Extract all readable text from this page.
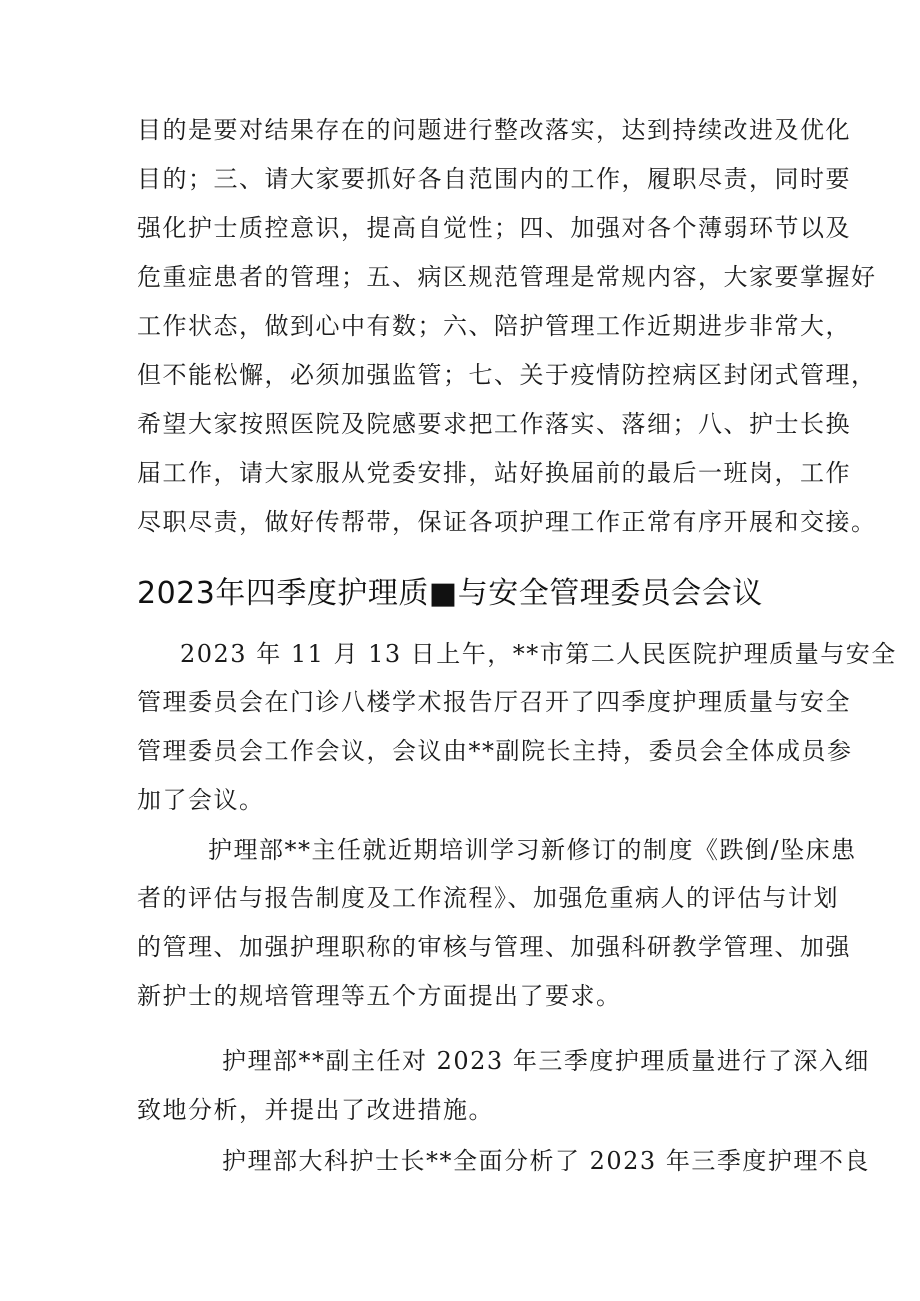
目的是要对结果存在的问题进行整改落实，达到持续改进及优化
目的；三、请大家要抓好各自范围内的工作，履职尽责，同时要
强化护士质控意识，提高自觉性；四、加强对各个薄弱环节以及
危重症患者的管理；五、病区规范管理是常规内容，大家要掌握好
工作状态，做到心中有数；六、陪护管理工作近期进步非常大，
但不能松懈，必须加强监管；七、关于疫情防控病区封闭式管理，
希望大家按照医院及院感要求把工作落实、落细；八、护士长换
届工作，请大家服从党委安排，站好换届前的最后一班岗，工作
尽职尽责，做好传帮带，保证各项护理工作正常有序开展和交接。
2023年四季度护理质■与安全管理委员会会议
2023 年 11 月 13 日上午，**市第二人民医院护理质量与安全
管理委员会在门诊八楼学术报告厅召开了四季度护理质量与安全
管理委员会工作会议，会议由**副院长主持，委员会全体成员参
加了会议。
护理部**主任就近期培训学习新修订的制度《跌倒/坠床患
者的评估与报告制度及工作流程》、加强危重病人的评估与计划
的管理、加强护理职称的审核与管理、加强科研教学管理、加强
新护士的规培管理等五个方面提出了要求。
护理部**副主任对 2023 年三季度护理质量进行了深入细
致地分析，并提出了改进措施。
护理部大科护士长**全面分析了 2023 年三季度护理不良
